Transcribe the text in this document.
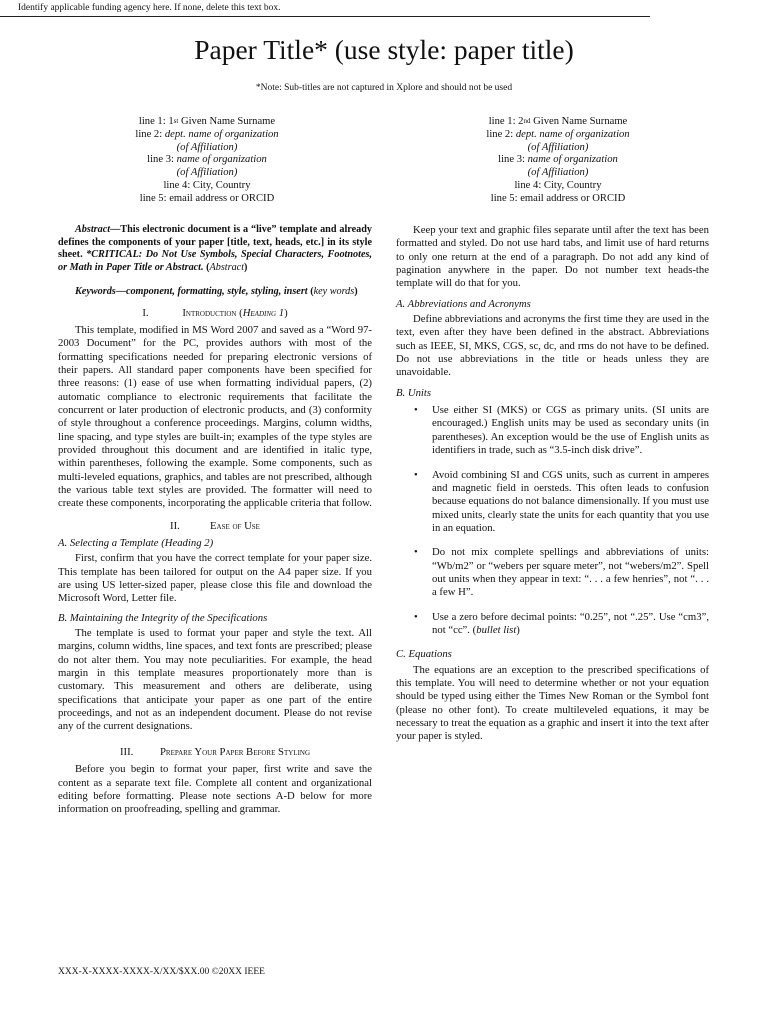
Identify applicable funding agency here. If none, delete this text box.
Paper Title* (use style: paper title)
*Note: Sub-titles are not captured in Xplore and should not be used
line 1: 1st Given Name Surname
line 2: dept. name of organization
(of Affiliation)
line 3: name of organization
(of Affiliation)
line 4: City, Country
line 5: email address or ORCID
line 1: 2nd Given Name Surname
line 2: dept. name of organization
(of Affiliation)
line 3: name of organization
(of Affiliation)
line 4: City, Country
line 5: email address or ORCID

Abstract—This electronic document is a “live” template and already defines the components of your paper [title, text, heads, etc.] in its style sheet. *CRITICAL: Do Not Use Symbols, Special Characters, Footnotes, or Math in Paper Title or Abstract. (Abstract)

Keywords—component, formatting, style, styling, insert (key words)

I.	Introduction (Heading 1)

This template, modified in MS Word 2007 and saved as a “Word 97-2003 Document” for the PC, provides authors with most of the formatting specifications needed for preparing electronic versions of their papers. All standard paper components have been specified for three reasons: (1) ease of use when formatting individual papers, (2) automatic compliance to electronic requirements that facilitate the concurrent or later production of electronic products, and (3) conformity of style throughout a conference proceedings. Margins, column widths, line spacing, and type styles are built-in; examples of the type styles are provided throughout this document and are identified in italic type, within parentheses, following the example. Some components, such as multi-leveled equations, graphics, and tables are not prescribed, although the various table text styles are provided. The formatter will need to create these components, incorporating the applicable criteria that follow.

II.	Ease of Use
A. Selecting a Template (Heading 2)

First, confirm that you have the correct template for your paper size. This template has been tailored for output on the A4 paper size. If you are using US letter-sized paper, please close this file and download the Microsoft Word, Letter file.

B. Maintaining the Integrity of the Specifications

The template is used to format your paper and style the text. All margins, column widths, line spaces, and text fonts are prescribed; please do not alter them. You may note peculiarities. For example, the head margin in this template measures proportionately more than is customary. This measurement and others are deliberate, using specifications that anticipate your paper as one part of the entire proceedings, and not as an independent document. Please do not revise any of the current designations.

III. Prepare Your Paper Before Styling

Before you begin to format your paper, first write and save the content as a separate text file. Complete all content and organizational editing before formatting. Please note sections A-D below for more information on proofreading, spelling and grammar.

Keep your text and graphic files separate until after the text has been formatted and styled. Do not use hard tabs, and limit use of hard returns to only one return at the end of a paragraph. Do not add any kind of pagination anywhere in the paper. Do not number text heads-the template will do that for you.

A. Abbreviations and Acronyms

Define abbreviations and acronyms the first time they are used in the text, even after they have been defined in the abstract. Abbreviations such as IEEE, SI, MKS, CGS, sc, dc, and rms do not have to be defined. Do not use abbreviations in the title or heads unless they are unavoidable.

B. Units
• Use either SI (MKS) or CGS as primary units. (SI units are encouraged.) English units may be used as secondary units (in parentheses). An exception would be the use of English units as identifiers in trade, such as “3.5-inch disk drive”.
• Avoid combining SI and CGS units, such as current in amperes and magnetic field in oersteds. This often leads to confusion because equations do not balance dimensionally. If you must use mixed units, clearly state the units for each quantity that you use in an equation.
• Do not mix complete spellings and abbreviations of units: “Wb/m2” or “webers per square meter”, not “webers/m2”. Spell out units when they appear in text: “. . . a few henries”, not “. . . a few H”.
• Use a zero before decimal points: “0.25”, not “.25”. Use “cm3”, not “cc”. (bullet list)
C. Equations

The equations are an exception to the prescribed specifications of this template. You will need to determine whether or not your equation should be typed using either the Times New Roman or the Symbol font (please no other font). To create multileveled equations, it may be necessary to treat the equation as a graphic and insert it into the text after your paper is styled.

XXX-X-XXXX-XXXX-X/XX/$XX.00 ©20XX IEEE
